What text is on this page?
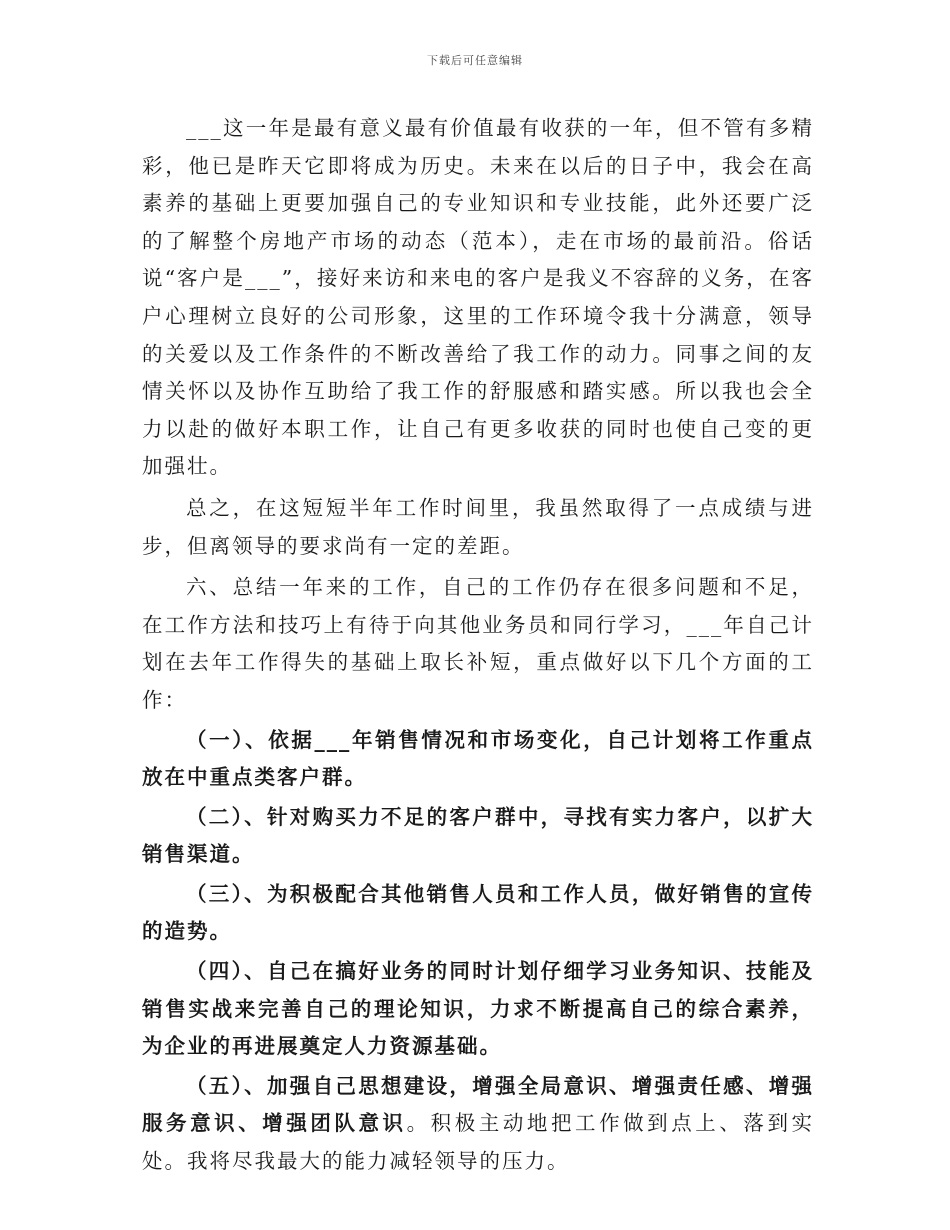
下载后可任意编辑

___这一年是最有意义最有价值最有收获的一年，但不管有多精彩，他已是昨天它即将成为历史。未来在以后的日子中，我会在高素养的基础上更要加强自己的专业知识和专业技能，此外还要广泛的了解整个房地产市场的动态（范本），走在市场的最前沿。俗话说“客户是___”，接好来访和来电的客户是我义不容辞的义务，在客户心理树立良好的公司形象，这里的工作环境令我十分满意，领导的关爱以及工作条件的不断改善给了我工作的动力。同事之间的友情关怀以及协作互助给了我工作的舒服感和踏实感。所以我也会全力以赴的做好本职工作，让自己有更多收获的同时也使自己变的更加强壮。

总之，在这短短半年工作时间里，我虽然取得了一点成绩与进步，但离领导的要求尚有一定的差距。

六、总结一年来的工作，自己的工作仍存在很多问题和不足，在工作方法和技巧上有待于向其他业务员和同行学习，___年自己计划在去年工作得失的基础上取长补短，重点做好以下几个方面的工作：

（一）、依据___年销售情况和市场变化，自己计划将工作重点放在中重点类客户群。

（二）、针对购买力不足的客户群中，寻找有实力客户，以扩大销售渠道。

（三）、为积极配合其他销售人员和工作人员，做好销售的宣传的造势。

（四）、自己在搞好业务的同时计划仔细学习业务知识、技能及销售实战来完善自己的理论知识，力求不断提高自己的综合素养，为企业的再进展奠定人力资源基础。

（五）、加强自己思想建设，增强全局意识、增强责任感、增强服务意识、增强团队意识。积极主动地把工作做到点上、落到实处。我将尽我最大的能力减轻领导的压力。
